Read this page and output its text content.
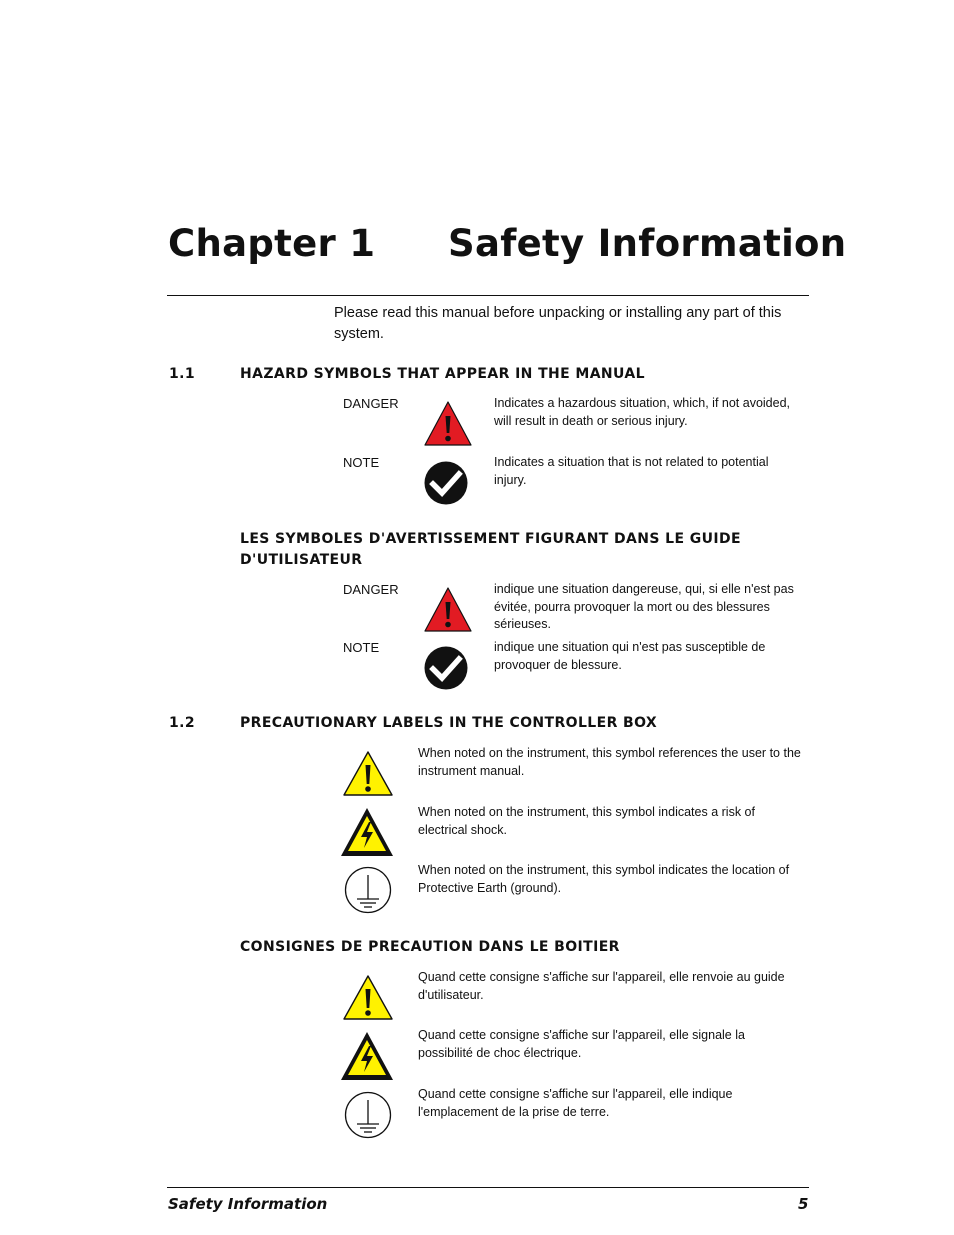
Chapter 1 Safety Information
Please read this manual before unpacking or installing any part of this system.
1.1	HAZARD SYMBOLS THAT APPEAR IN THE MANUAL
DANGER	Indicates a hazardous situation, which, if not avoided, will result in death or serious injury.
NOTE	Indicates a situation that is not related to potential injury.
LES SYMBOLES D'AVERTISSEMENT FIGURANT DANS LE GUIDE D'UTILISATEUR
DANGER	indique une situation dangereuse, qui, si elle n'est pas évitée, pourra provoquer la mort ou des blessures sérieuses.
NOTE	indique une situation qui n'est pas susceptible de provoquer de blessure.
1.2	PRECAUTIONARY LABELS IN THE CONTROLLER BOX
When noted on the instrument, this symbol references the user to the instrument manual.
When noted on the instrument, this symbol indicates a risk of electrical shock.
When noted on the instrument, this symbol indicates the location of Protective Earth (ground).
CONSIGNES DE PRECAUTION DANS LE BOITIER
Quand cette consigne s'affiche sur l'appareil, elle renvoie au guide d'utilisateur.
Quand cette consigne s'affiche sur l'appareil, elle signale la possibilité de choc électrique.
Quand cette consigne s'affiche sur l'appareil, elle indique l'emplacement de la prise de terre.
Safety Information	5
